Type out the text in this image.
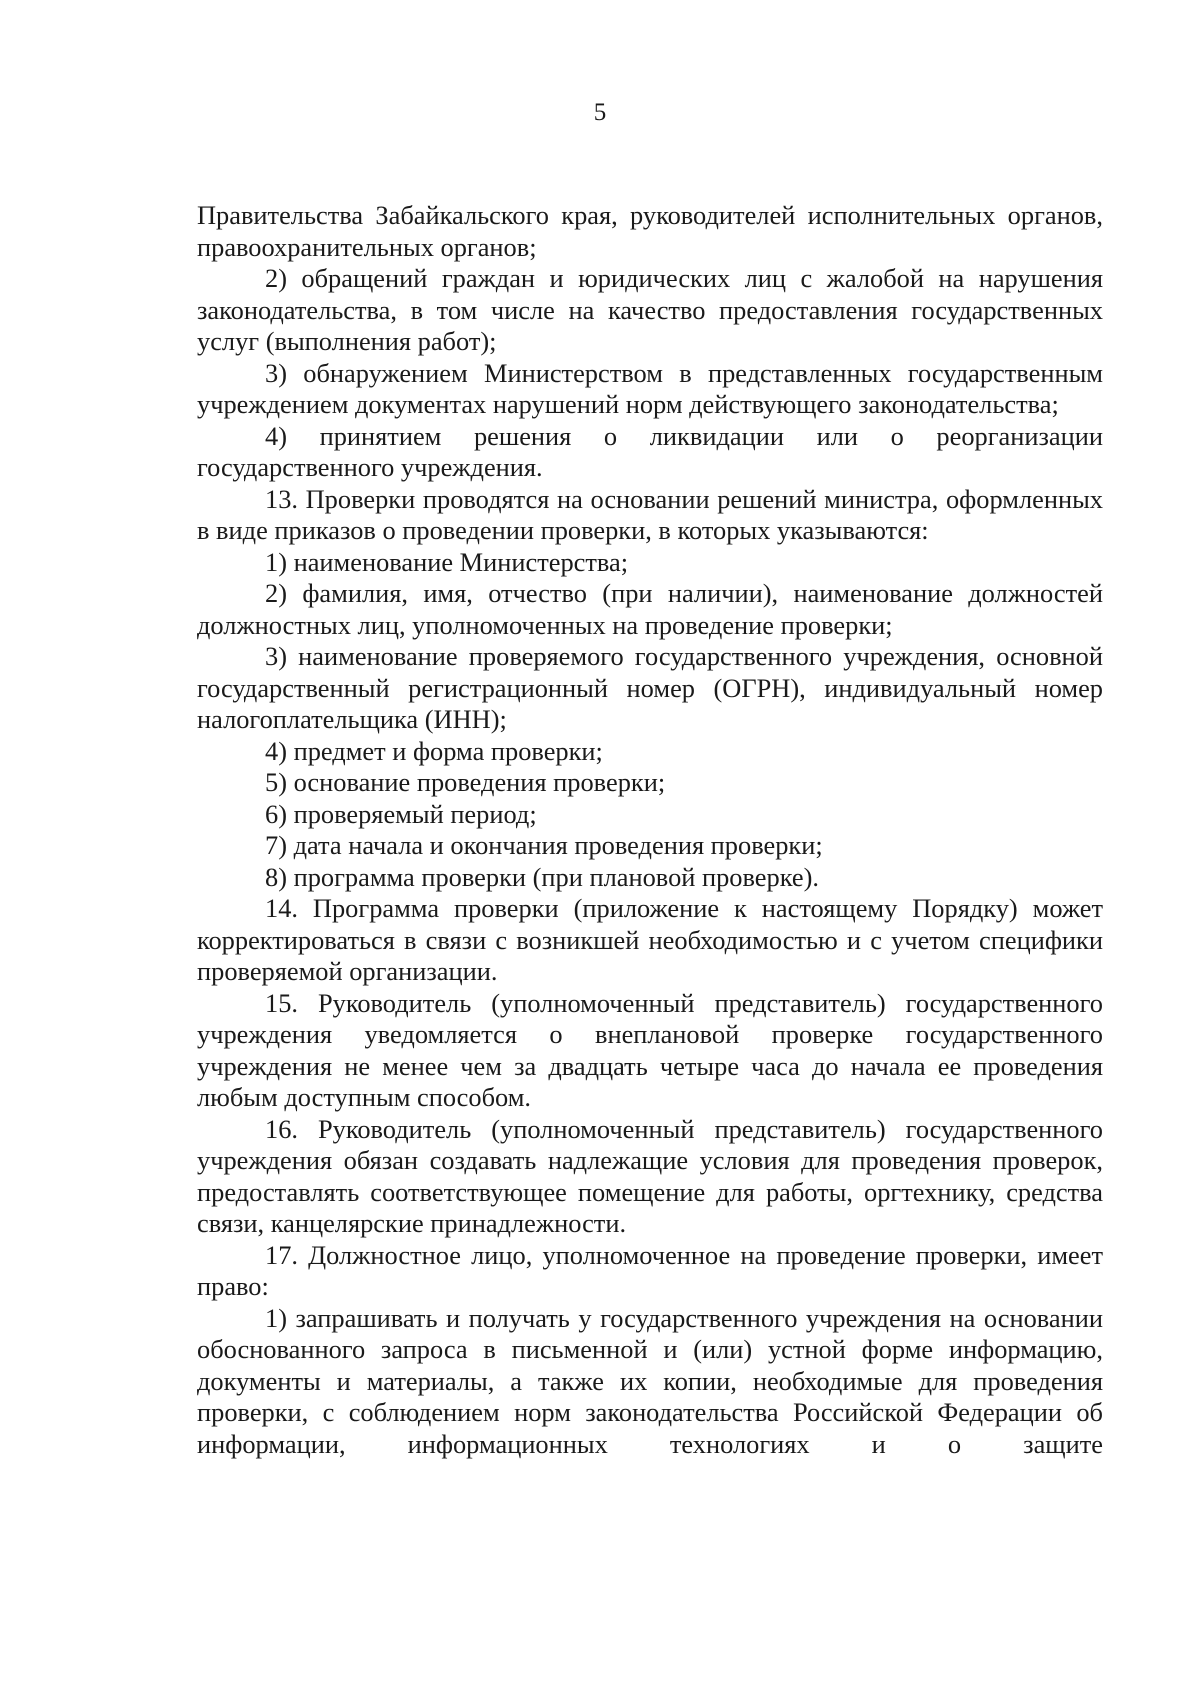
5

Правительства Забайкальского края, руководителей исполнительных органов, правоохранительных органов;

2) обращений граждан и юридических лиц с жалобой на нарушения законодательства, в том числе на качество предоставления государственных услуг (выполнения работ);

3) обнаружением Министерством в представленных государственным учреждением документах нарушений норм действующего законодательства;

4) принятием решения о ликвидации или о реорганизации государственного учреждения.

13. Проверки проводятся на основании решений министра, оформленных в виде приказов о проведении проверки, в которых указываются:

1) наименование Министерства;

2) фамилия, имя, отчество (при наличии), наименование должностей должностных лиц, уполномоченных на проведение проверки;

3) наименование проверяемого государственного учреждения, основной государственный регистрационный номер (ОГРН), индивидуальный номер налогоплательщика (ИНН);

4) предмет и форма проверки;

5) основание проведения проверки;

6) проверяемый период;

7) дата начала и окончания проведения проверки;

8) программа проверки (при плановой проверке).

14. Программа проверки (приложение к настоящему Порядку) может корректироваться в связи с возникшей необходимостью и с учетом специфики проверяемой организации.

15. Руководитель (уполномоченный представитель) государственного учреждения уведомляется о внеплановой проверке государственного учреждения не менее чем за двадцать четыре часа до начала ее проведения любым доступным способом.

16. Руководитель (уполномоченный представитель) государственного учреждения обязан создавать надлежащие условия для проведения проверок, предоставлять соответствующее помещение для работы, оргтехнику, средства связи, канцелярские принадлежности.

17. Должностное лицо, уполномоченное на проведение проверки, имеет право:

1) запрашивать и получать у государственного учреждения на основании обоснованного запроса в письменной и (или) устной форме информацию, документы и материалы, а также их копии, необходимые для проведения проверки, с соблюдением норм законодательства Российской Федерации об информации, информационных технологиях и о защите
